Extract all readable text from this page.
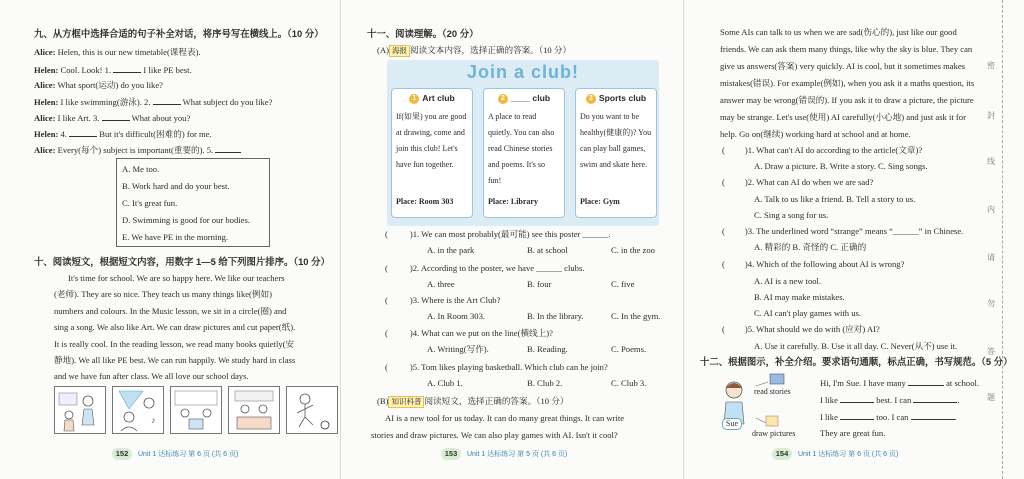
九、从方框中选择合适的句子补全对话，将序号写在横线上。（10 分）
Alice: Helen, this is our new timetable(课程表).
Helen: Cool. Look! 1.	I like PE best.
Alice: What sport(运动) do you like?
Helen: I like swimming(游泳). 2.	What subject do you like?
Alice: I like Art. 3.	What about you?
Helen: 4.	But it's difficult(困难的) for me.
Alice: Every(每个) subject is important(重要的). 5.
A. Me too.
B. Work hard and do your best.
C. It's great fun.
D. Swimming is good for our bodies.
E. We have PE in the morning.
十、阅读短文，根据短文内容，用数字 1—5 给下列图片排序。（10 分）
It's time for school. We are so happy here. We like our teachers
(老师). They are so nice. They teach us many things like(例如)
numbers and colours. In the Music lesson, we sit in a circle(圈) and
sing a song. We also like Art. We can draw pictures and cut paper(纸).
It is really cool. In the reading lesson, we read many books quietly(安
静地). We all like PE best. We can run happily. We study hard in class
and we have fun after class. We all love our school days.
♪
152 Unit 1 达标练习 第 6 页 (共 6 页)
十一、阅读理解。（20 分）
(A) 海报 阅读文本内容，选择正确的答案。（10 分）
Join a club!
1 Art club
If(如果) you are good at drawing, come and join this club! Let's have fun together.
Place: Room 303
2 ____ club
A place to read quietly. You can also read Chinese stories and poems. It's so fun!
Place: Library
3 Sports club
Do you want to be healthy(健康的)? You can play ball games, swim and skate here.
Place: Gym
(	)1. We can most probably(最可能) see this poster ______.
A. in the park	B. at school	C. in the zoo
(	)2. According to the poster, we have ______ clubs.
A. three	B. four	C. five
(	)3. Where is the Art Club?
A. In Room 303.	B. In the library.	C. In the gym.
(	)4. What can we put on the line(横线上)?
A. Writing(写作).	B. Reading.	C. Poems.
(	)5. Tom likes playing basketball. Which club can he join?
A. Club 1.	B. Club 2.	C. Club 3.
(B) 知识科普 阅读短文，选择正确的答案。（10 分）
AI is a new tool for us today. It can do many great things. It can write
stories and draw pictures. We can also play games with AI. Isn't it cool?
153 Unit 1 达标练习 第 5 页 (共 6 页)
Some AIs can talk to us when we are sad(伤心的), just like our good
friends. We can ask them many things, like why the sky is blue. They can
give us answers(答案) very quickly. AI is cool, but it sometimes makes
mistakes(错误). For example(例如), when you ask it a maths question, its
answer may be wrong(错误的). If you ask it to draw a picture, the picture
may be strange. Let's use(使用) AI carefully(小心地) and just ask it for
help. Go on(继续) working hard at school and at home.
( )1. What can't AI do according to the article(文章)?
A. Draw a picture. B. Write a story. C. Sing songs.
( )2. What can AI do when we are sad?
A. Talk to us like a friend. B. Tell a story to us.
C. Sing a song for us.
( )3. The underlined word “strange” means “______” in Chinese.
A. 精彩的 B. 奇怪的 C. 正确的
( )4. Which of the following about AI is wrong?
A. AI is a new tool.
B. AI may make mistakes.
C. AI can't play games with us.
( )5. What should we do with (应对) AI?
A. Use it carefully. B. Use it all day. C. Never(从不) use it.
十二、根据图示，补全介绍。要求语句通顺，标点正确，书写规范。（5 分）
read stories
draw pictures
Sue
Hi, I'm Sue. I have many	at school.
I like	best. I can	.
I like	too. I can	.
They are great fun.
密
封
线
内
请
勿
答
题
154 Unit 1 达标练习 第 6 页 (共 6 页)
